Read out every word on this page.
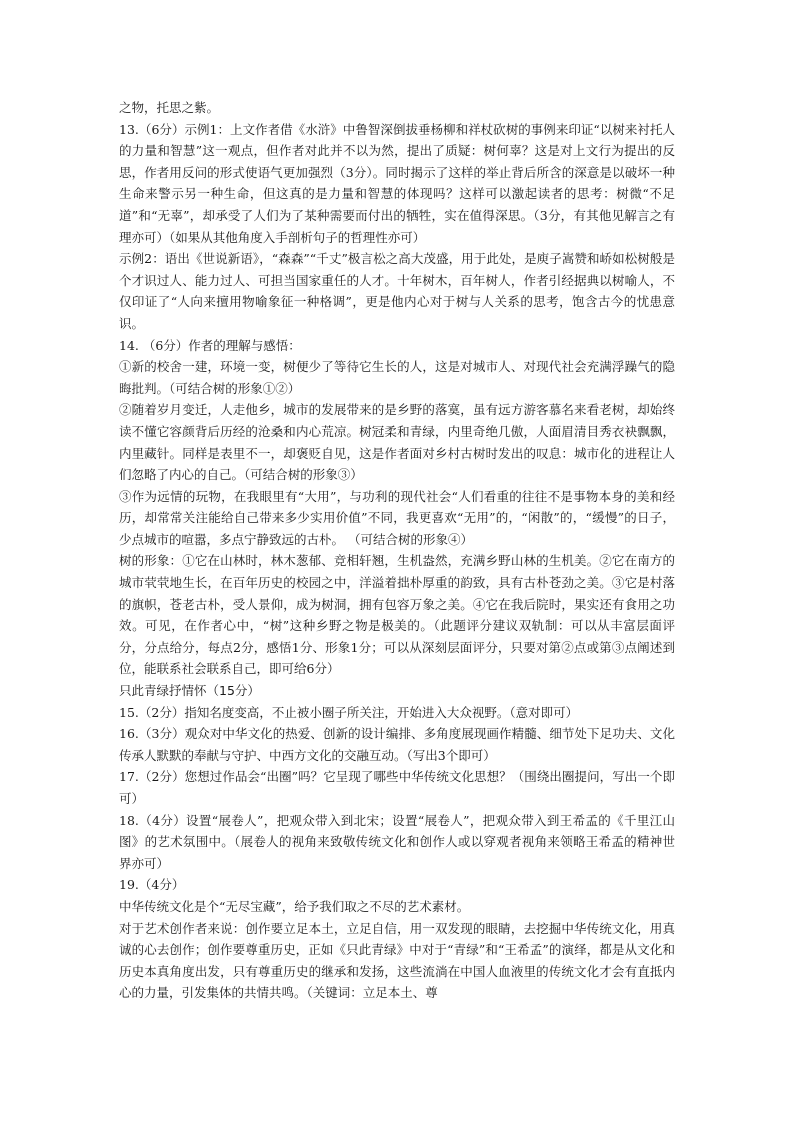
之物，托思之紫。

13.（6分）示例1：上文作者借《水浒》中鲁智深倒拔垂杨柳和祥杖砍树的事例来印证“以树来衬托人的力量和智慧”这一观点，但作者对此并不以为然，提出了质疑：树何辜？这是对上文行为提出的反思，作者用反问的形式使语气更加强烈（3分）。同时揭示了这样的举止背后所含的深意是以破坏一种生命来警示另一种生命，但这真的是力量和智慧的体现吗？这样可以激起读者的思考：树微“不足道”和“无辜”，却承受了人们为了某种需要而付出的牺牲，实在值得深思。（3分，有其他见解言之有理亦可）（如果从其他角度入手剖析句子的哲理性亦可）

示例2：语出《世说新语》，“森森”“千丈”极言松之高大茂盛，用于此处，是庾子嵩赞和峤如松树般是个才识过人、能力过人、可担当国家重任的人才。十年树木，百年树人，作者引经据典以树喻人，不仅印证了“人向来擅用物喻象征一种格调”，更是他内心对于树与人关系的思考，饱含古今的忧患意识。

14. （6分）作者的理解与感悟：

①新的校舍一建，环境一变，树便少了等待它生长的人，这是对城市人、对现代社会充满浮躁气的隐晦批判。（可结合树的形象①②）

②随着岁月变迁，人走他乡，城市的发展带来的是乡野的落寞，虽有远方游客慕名来看老树，却始终读不懂它容颜背后历经的沧桑和内心荒凉。树冠柔和青绿，内里奇绝几傲，人面眉清目秀衣袂飘飘，内里藏针。同样是表里不一，却褒贬自见，这是作者面对乡村古树时发出的叹息：城市化的进程让人们忽略了内心的自己。（可结合树的形象③）

③作为远情的玩物，在我眼里有“大用”，与功利的现代社会“人们看重的往往不是事物本身的美和经历，却常常关注能给自己带来多少实用价值”不同，我更喜欢“无用”的，“闲散”的，“缓慢”的日子，少点城市的喧嚣，多点宁静致远的古朴。 （可结合树的形象④）

树的形象：①它在山林时，林木葱郁、竞相轩翘，生机盎然，充满乡野山林的生机美。②它在南方的城市茕茕地生长，在百年历史的校园之中，洋溢着拙朴厚重的韵致，具有古朴苍劲之美。③它是村落的旗帜，苍老古朴，受人景仰，成为树洞，拥有包容万象之美。④它在我后院时，果实还有食用之功效。可见，在作者心中，“树”这种乡野之物是极美的。（此题评分建议双轨制：可以从丰富层面评分，分点给分，每点2分，感悟1分、形象1分；可以从深刻层面评分，只要对第②点或第③点阐述到位，能联系社会联系自己，即可给6分）

只此青绿抒情怀（15分）

15.（2分）指知名度变高，不止被小圈子所关注，开始进入大众视野。（意对即可）

16.（3分）观众对中华文化的热爱、创新的设计编排、多角度展现画作精髓、细节处下足功夫、文化传承人默默的奉献与守护、中西方文化的交融互动。（写出3个即可）

17.（2分）您想过作品会“出圈”吗？它呈现了哪些中华传统文化思想？（围绕出圈提问，写出一个即可）

18.（4分）设置“展卷人”，把观众带入到北宋；设置“展卷人”，把观众带入到王希孟的《千里江山图》的艺术氛围中。（展卷人的视角来致敬传统文化和创作人或以穿观者视角来领略王希孟的精神世界亦可）

19.（4分）

中华传统文化是个“无尽宝藏”，给予我们取之不尽的艺术素材。

对于艺术创作者来说：创作要立足本土，立足自信，用一双发现的眼睛，去挖掘中华传统文化，用真诚的心去创作；创作要尊重历史，正如《只此青绿》中对于“青绿”和“王希孟”的演绎，都是从文化和历史本真角度出发，只有尊重历史的继承和发扬，这些流淌在中国人血液里的传统文化才会有直抵内心的力量，引发集体的共情共鸣。（关键词：立足本土、尊
